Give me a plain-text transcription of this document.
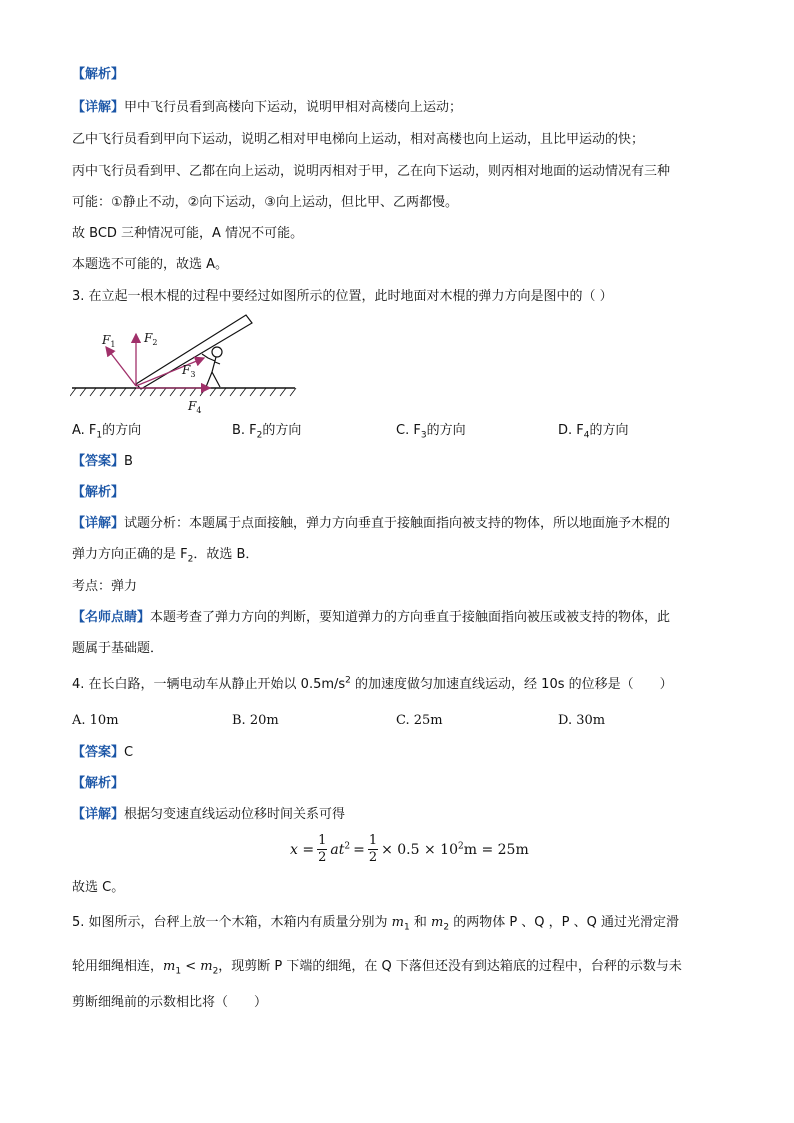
【解析】
【详解】甲中飞行员看到高楼向下运动，说明甲相对高楼向上运动；
乙中飞行员看到甲向下运动，说明乙相对甲电梯向上运动，相对高楼也向上运动，且比甲运动的快；
丙中飞行员看到甲、乙都在向上运动，说明丙相对于甲，乙在向下运动，则丙相对地面的运动情况有三种
可能：①静止不动，②向下运动，③向上运动，但比甲、乙两都慢。
故 BCD 三种情况可能，A 情况不可能。
本题选不可能的，故选 A。
3. 在立起一根木棍的过程中要经过如图所示的位置，此时地面对木棍的弹力方向是图中的（ ）
$F_1$ $F_2$
$F_3$
$F_4$
A. $F_1$的方向	B. $F_2$的方向	C. $F_3$的方向	D. $F_4$的方向
【答案】B
【解析】
【详解】试题分析：本题属于点面接触，弹力方向垂直于接触面指向被支持的物体，所以地面施予木棍的
弹力方向正确的是 $F_2$．故选 B．
考点：弹力
【名师点睛】本题考查了弹力方向的判断，要知道弹力的方向垂直于接触面指向被压或被支持的物体，此
题属于基础题．
4. 在长白路，一辆电动车从静止开始以 $0.5m/s^2$ 的加速度做匀加速直线运动，经 10s 的位移是（　　）
A. 10m	B. 20m	C. 25m	D. 30m
【答案】C
【解析】
【详解】根据匀变速直线运动位移时间关系可得
$x = \frac{1}{2} at^2 = \frac{1}{2} \times 0.5 \times 10^2m = 25m$
故选 C。
5. 如图所示，台秤上放一个木箱，木箱内有质量分别为 $m_1$ 和 $m_2$ 的两物体 P 、Q ，P 、Q 通过光滑定滑
轮用细绳相连，$m_1 < m_2$，现剪断 P 下端的细绳，在 Q 下落但还没有到达箱底的过程中，台秤的示数与未
剪断细绳前的示数相比将（　　）
